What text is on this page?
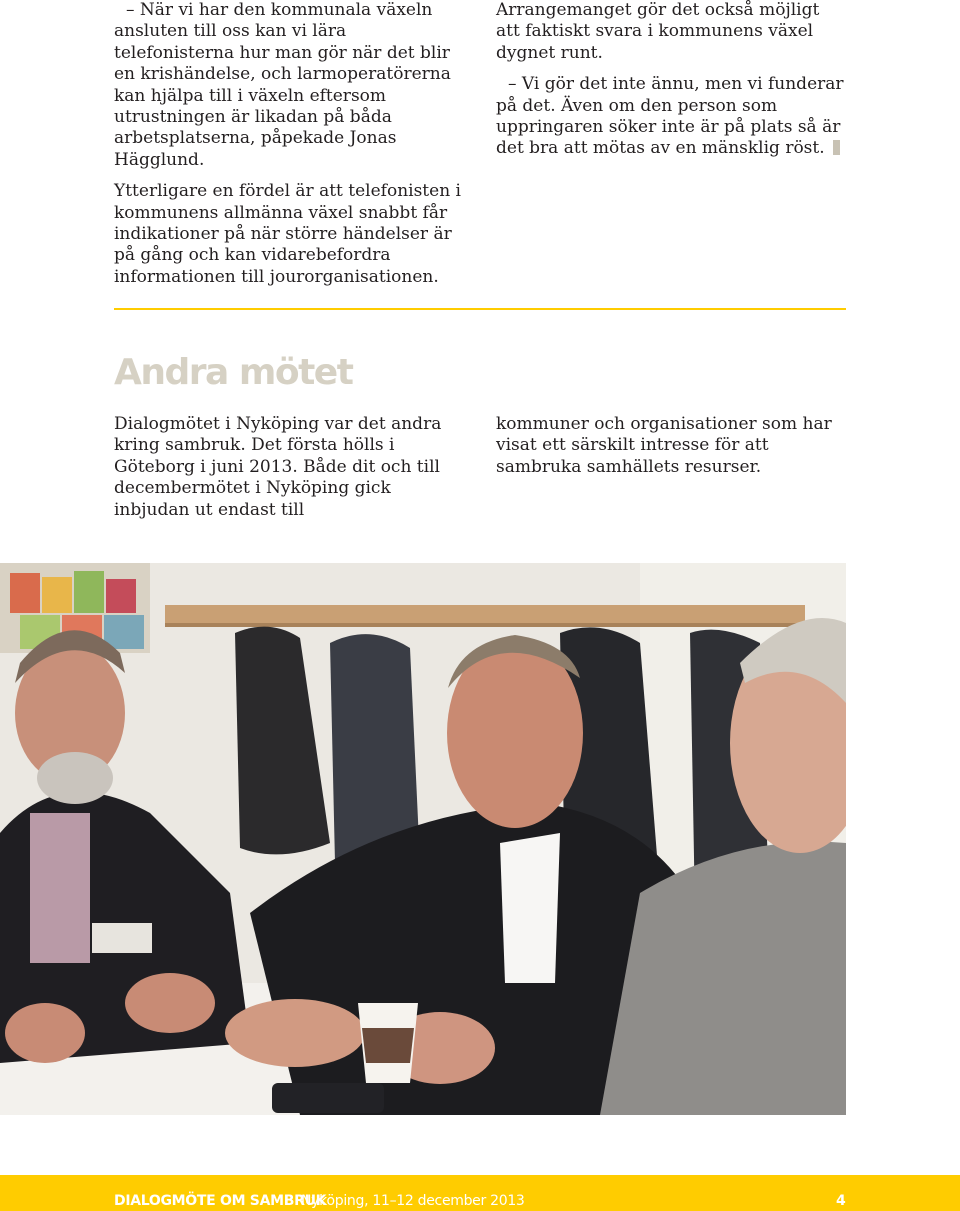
– När vi har den kommunala växeln ansluten till oss kan vi lära telefonisterna hur man gör när det blir en krishändelse, och larmoperatörerna kan hjälpa till i växeln eftersom utrustningen är likadan på båda arbetsplatserna, påpekade Jonas Hägglund.

Ytterligare en fördel är att telefonisten i kommunens allmänna växel snabbt får indikationer på när större händelser är på gång och kan vidarebefordra informationen till jourorganisationen.

Arrangemanget gör det också möjligt att faktiskt svara i kommunens växel dygnet runt.

– Vi gör det inte ännu, men vi funderar på det. Även om den person som uppringaren söker inte är på plats så är det bra att mötas av en mänsklig röst.

Andra mötet

Dialogmötet i Nyköping var det andra kring sambruk. Det första hölls i Göteborg i juni 2013. Både dit och till decembermötet i Nyköping gick inbjudan ut endast till

kommuner och organisationer som har visat ett särskilt intresse för att sambruka samhällets resurser.

DIALOGMÖTE OM SAMBRUK
Nyköping, 11–12 december 2013	4
